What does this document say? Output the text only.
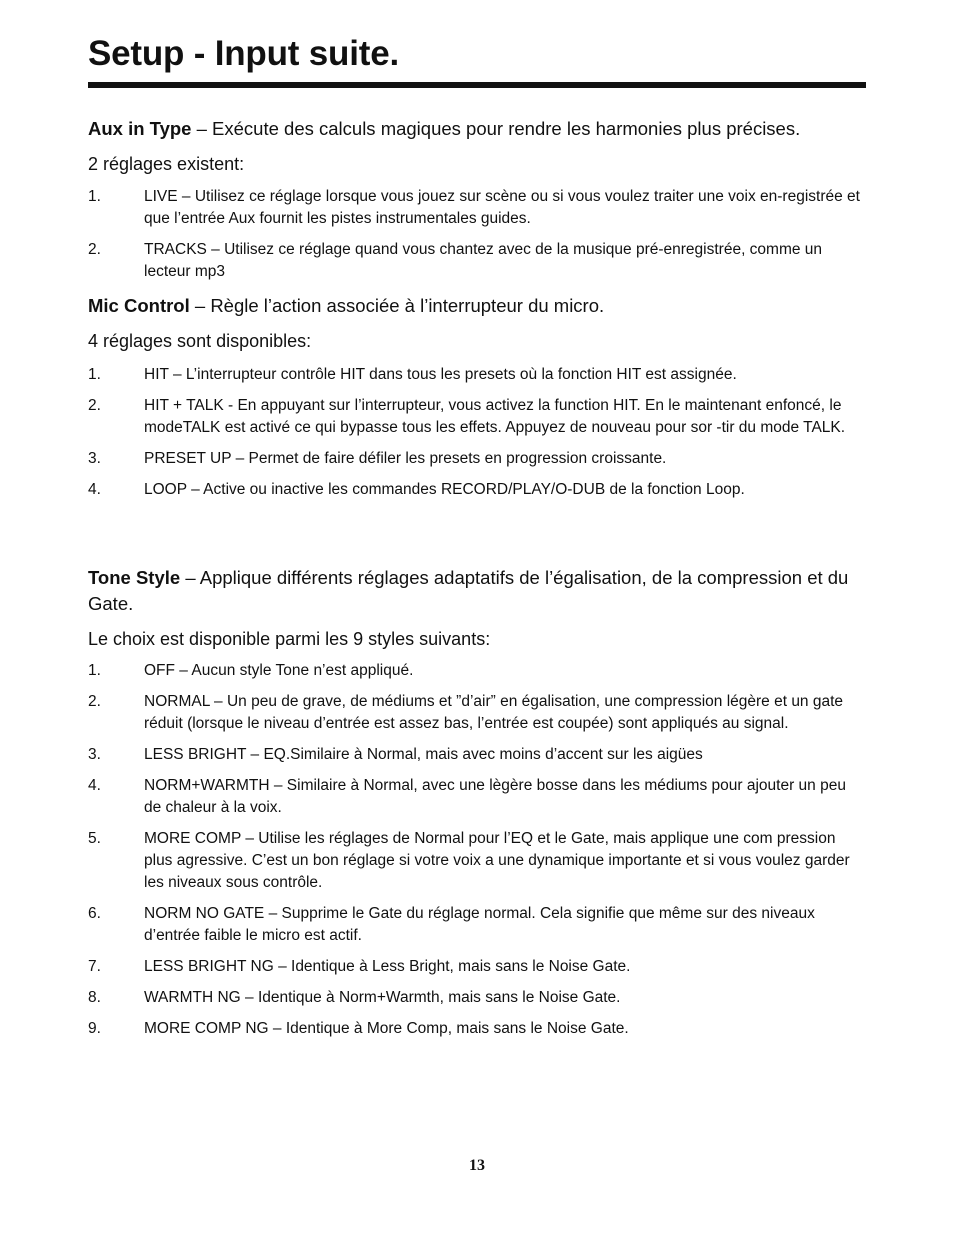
Setup - Input suite.

Aux in Type – Exécute des calculs magiques pour rendre les harmonies plus précises.

2 réglages existent:

1.	LIVE – Utilisez ce réglage lorsque vous jouez sur scène ou si vous voulez traiter une voix en-registrée et que l’entrée Aux fournit les pistes instrumentales guides.
2.	TRACKS – Utilisez ce réglage quand vous chantez avec de la musique pré-enregistrée, comme un lecteur mp3

Mic Control – Règle l’action associée à l’interrupteur du micro.

4 réglages sont disponibles:

1.	HIT – L’interrupteur contrôle HIT dans tous les presets où la fonction HIT est assignée.
2.	HIT + TALK - En appuyant sur l’interrupteur, vous activez la function HIT. En le maintenant enfoncé, le modeTALK est activé ce qui bypasse tous les effets. Appuyez de nouveau pour sor -tir du mode TALK.
3.	PRESET UP – Permet de faire défiler les presets en progression croissante.
4.	LOOP – Active ou inactive les commandes RECORD/PLAY/O-DUB de la fonction Loop.

Tone Style – Applique différents réglages adaptatifs de l’égalisation, de la compression et du Gate.

Le choix est disponible parmi les 9 styles suivants:

1.	OFF – Aucun style Tone n’est appliqué.
2.	NORMAL – Un peu de grave, de médiums et ”d’air” en égalisation, une compression légère et un gate réduit (lorsque le niveau d’entrée est assez bas, l’entrée est coupée) sont appliqués au signal.
3.	LESS BRIGHT – EQ.Similaire à Normal, mais avec moins d’accent sur les aigües
4.	NORM+WARMTH – Similaire à Normal, avec une lègère bosse dans les médiums pour ajouter un peu de chaleur à la voix.
5.	MORE COMP – Utilise les réglages de Normal pour l’EQ et le Gate, mais applique une com pression plus agressive. C’est un bon réglage si votre voix a une dynamique importante et si vous voulez garder les niveaux sous contrôle.
6.	NORM NO GATE – Supprime le Gate du réglage normal. Cela signifie que même sur des niveaux d’entrée faible le micro est actif.
7.	LESS BRIGHT NG – Identique à Less Bright, mais sans le Noise Gate.
8.	WARMTH NG – Identique à Norm+Warmth, mais sans le Noise Gate.
9.	MORE COMP NG – Identique à More Comp, mais sans le Noise Gate.
13
